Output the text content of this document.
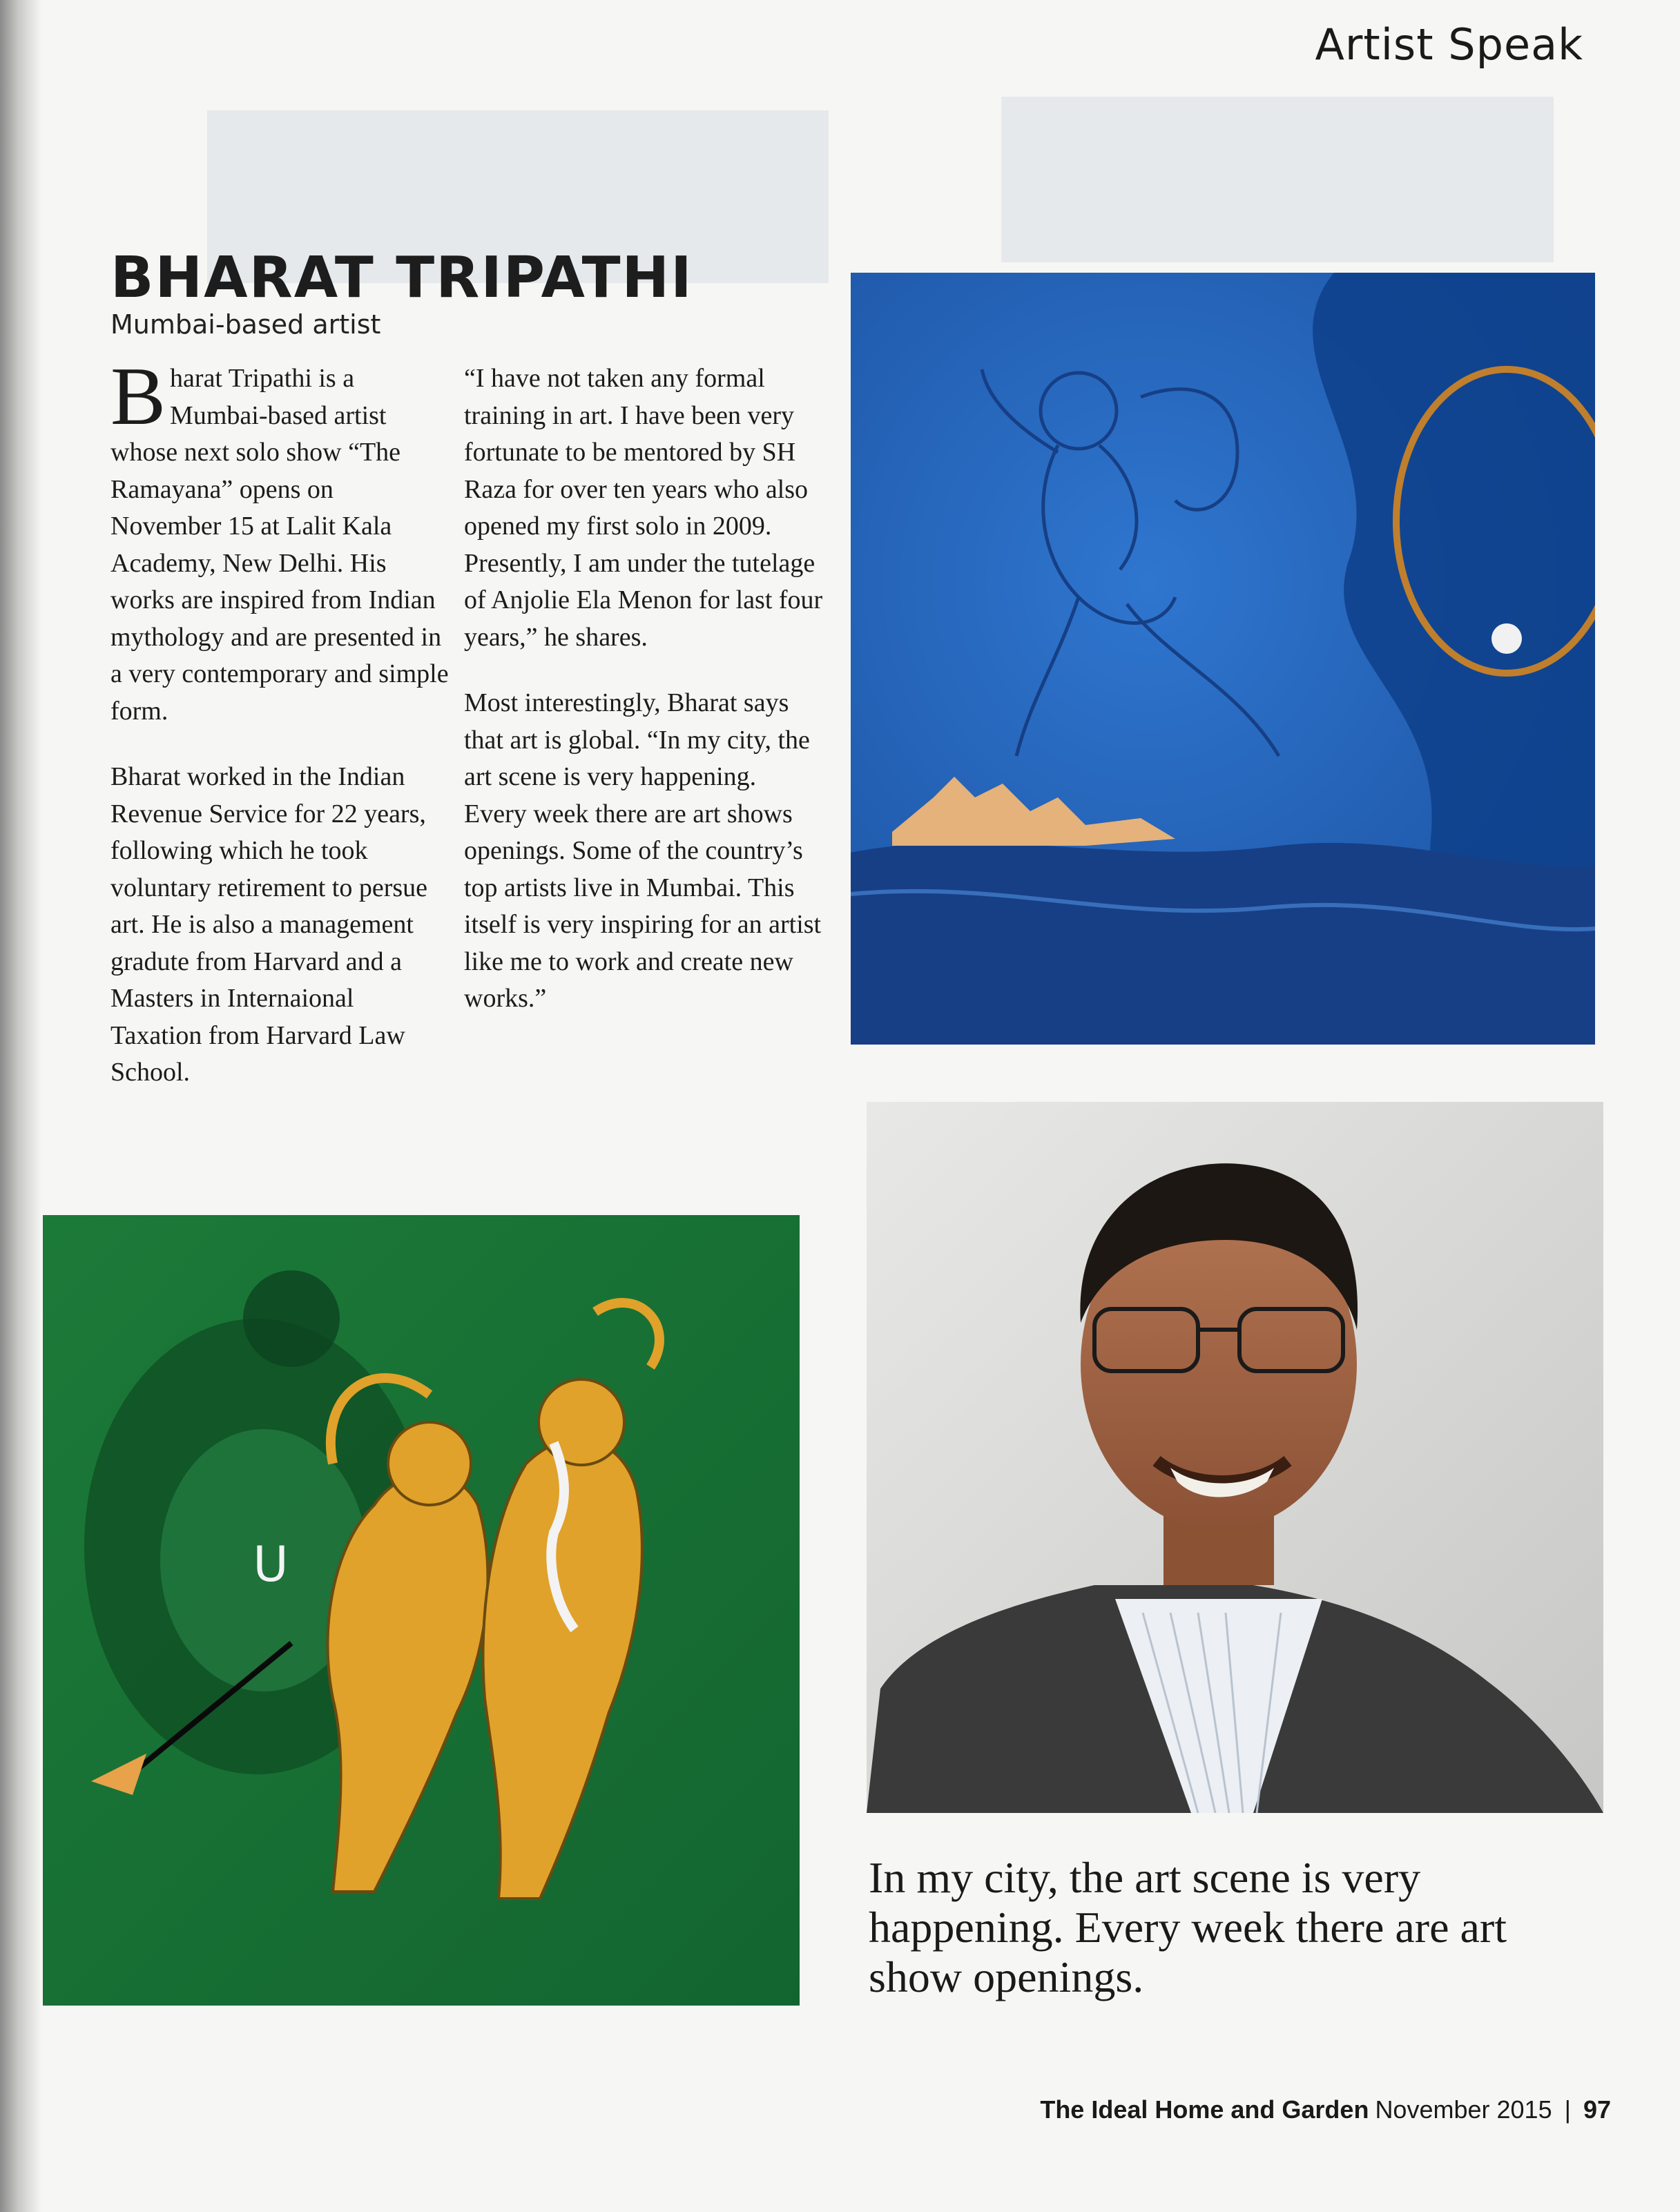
Artist Speak
BHARAT TRIPATHI
Mumbai-based artist

Bharat Tripathi is a Mumbai-based artist whose next solo show “The Ramayana” opens on November 15 at Lalit Kala Academy, New Delhi. His works are inspired from Indian mythology and are presented in a very contemporary and simple form.

Bharat worked in the Indian Revenue Service for 22 years, following which he took voluntary retirement to persue art. He is also a management gradute from Harvard and a Masters in Internaional Taxation from Harvard Law School.

“I have not taken any formal training in art. I have been very fortunate to be mentored by SH Raza for over ten years who also opened my first solo in 2009. Presently, I am under the tutelage of Anjolie Ela Menon for last four years,” he shares.

Most interestingly, Bharat says that art is global. “In my city, the art scene is very happening. Every week there are art shows openings. Some of the country’s top artists live in Mumbai. This itself is very inspiring for an artist like me to work and create new works.”

U
In my city, the art scene is very happening. Every week there are art show openings.
The Ideal Home and Garden November 2015 | 97
